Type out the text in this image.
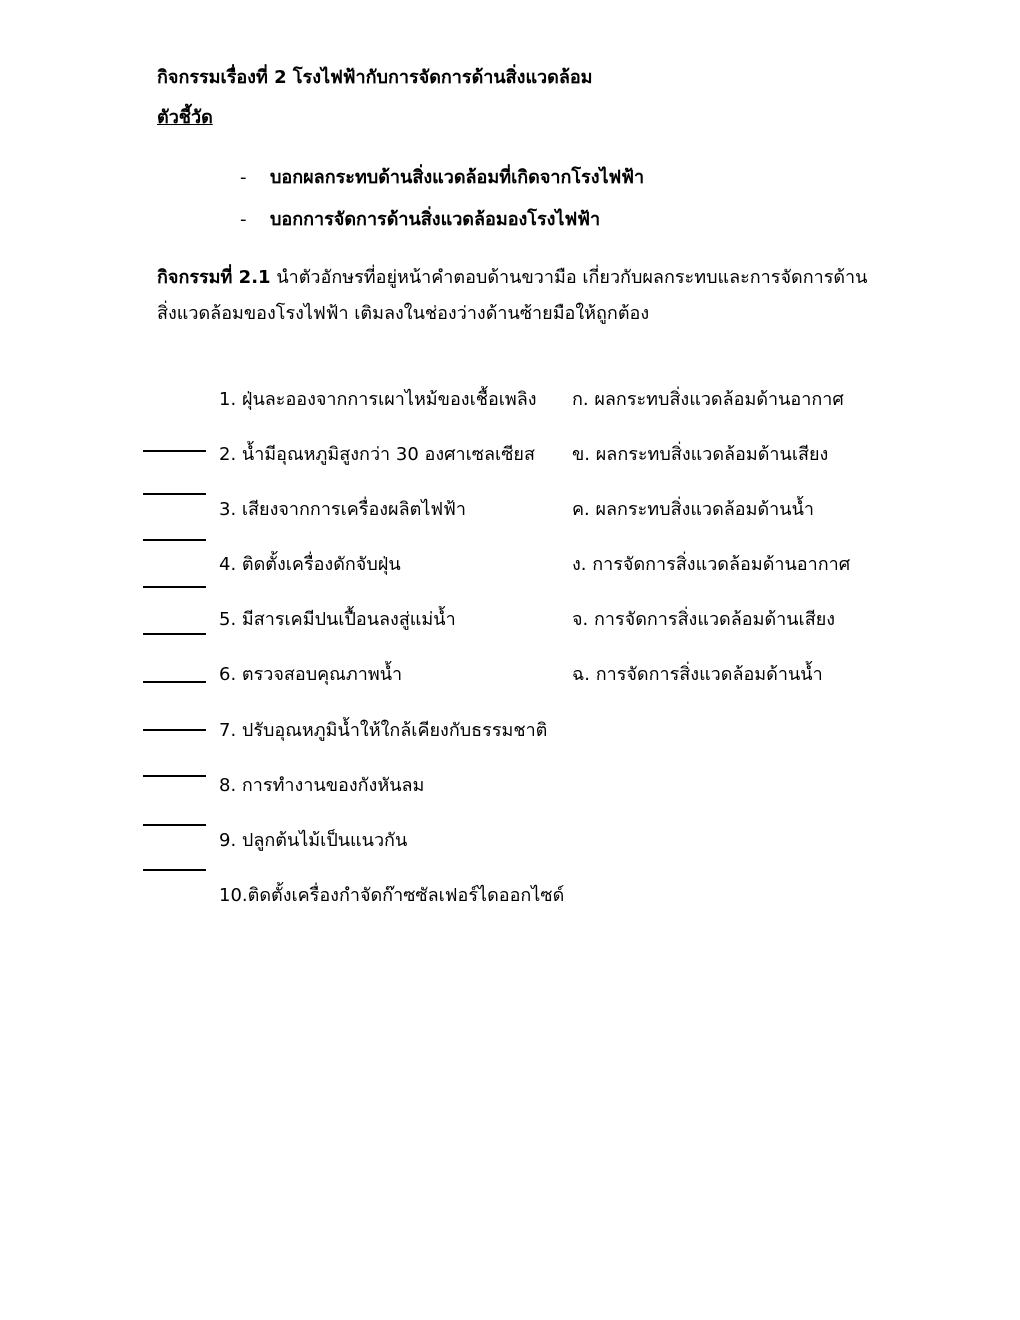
กิจกรรมเรื่องที่ 2 โรงไฟฟ้ากับการจัดการด้านสิ่งแวดล้อม
ตัวชี้วัด
- บอกผลกระทบด้านสิ่งแวดล้อมที่เกิดจากโรงไฟฟ้า
- บอกการจัดการด้านสิ่งแวดล้อมองโรงไฟฟ้า
กิจกรรมที่ 2.1 นำตัวอักษรที่อยู่หน้าคำตอบด้านขวามือ เกี่ยวกับผลกระทบและการจัดการด้าน
สิ่งแวดล้อมของโรงไฟฟ้า เติมลงในช่องว่างด้านซ้ายมือให้ถูกต้อง
1. ฝุ่นละอองจากการเผาไหม้ของเชื้อเพลิง
2. น้ำมีอุณหภูมิสูงกว่า 30 องศาเซลเซียส
3. เสียงจากการเครื่องผลิตไฟฟ้า
4. ติดตั้งเครื่องดักจับฝุ่น
5. มีสารเคมีปนเปื้อนลงสู่แม่น้ำ
6. ตรวจสอบคุณภาพน้ำ
7. ปรับอุณหภูมิน้ำให้ใกล้เคียงกับธรรมชาติ
8. การทำงานของกังหันลม
9. ปลูกต้นไม้เป็นแนวกัน
10.ติดตั้งเครื่องกำจัดก๊าซซัลเฟอร์ไดออกไซด์
ก. ผลกระทบสิ่งแวดล้อมด้านอากาศ
ข. ผลกระทบสิ่งแวดล้อมด้านเสียง
ค. ผลกระทบสิ่งแวดล้อมด้านน้ำ
ง. การจัดการสิ่งแวดล้อมด้านอากาศ
จ. การจัดการสิ่งแวดล้อมด้านเสียง
ฉ. การจัดการสิ่งแวดล้อมด้านน้ำ
